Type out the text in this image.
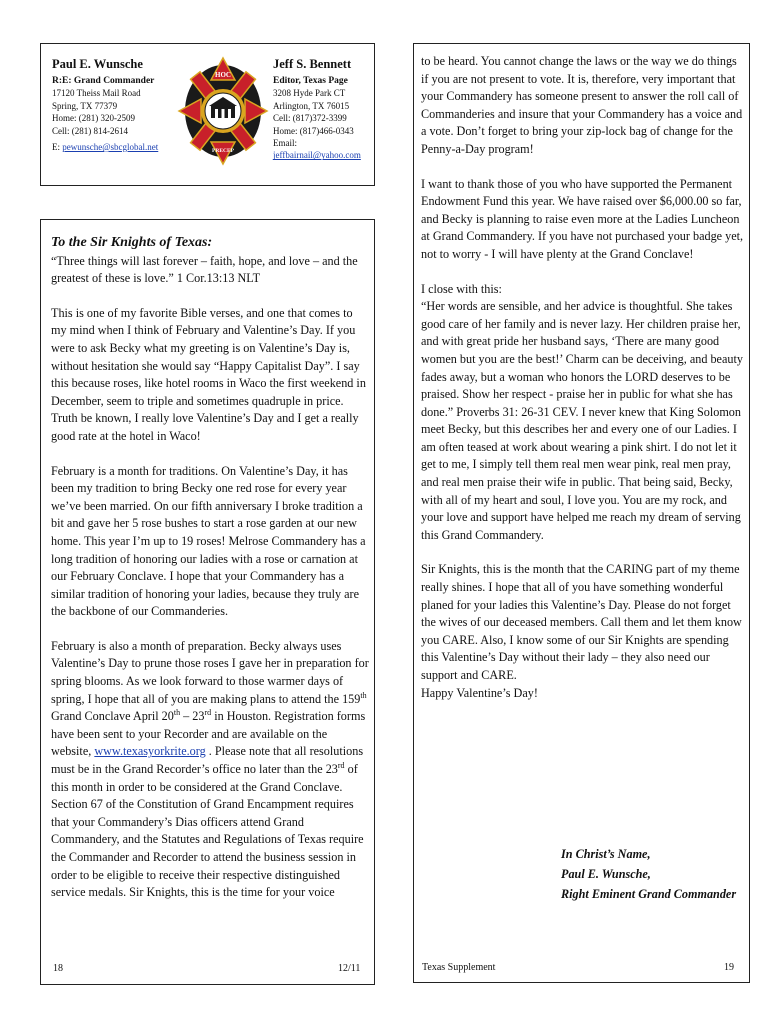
Paul E. Wunsche
R:E: Grand Commander
17120 Theiss Mail Road
Spring, TX 77379
Home: (281) 320-2509
Cell: (281) 814-2614
E: pewunsche@sbcglobal.net
HOC
PRECEP
Jeff S. Bennett
Editor, Texas Page
3208 Hyde Park CT
Arlington, TX 76015
Cell: (817)372-3399
Home: (817)466-0343
Email: jeffbairnail@yahoo.com

To the Sir Knights of Texas:
“Three things will last forever – faith, hope, and love – and the greatest of these is love.” 1 Cor.13:13 NLT

This is one of my favorite Bible verses, and one that comes to my mind when I think of February and Valentine’s Day. If you were to ask Becky what my greeting is on Valentine’s Day is, without hesitation she would say “Happy Capitalist Day”. I say this because roses, like hotel rooms in Waco the first weekend in December, seem to triple and sometimes quadruple in price. Truth be known, I really love Valentine’s Day and I get a really good rate at the hotel in Waco!

February is a month for traditions. On Valentine’s Day, it has been my tradition to bring Becky one red rose for every year we’ve been married. On our fifth anniversary I broke tradition a bit and gave her 5 rose bushes to start a rose garden at our new home. This year I’m up to 19 roses! Melrose Commandery has a long tradition of honoring our ladies with a rose or carnation at our February Conclave. I hope that your Commandery has a similar tradition of honoring your ladies, because they truly are the backbone of our Commanderies.

February is also a month of preparation. Becky always uses Valentine’s Day to prune those roses I gave her in preparation for spring blooms. As we look forward to those warmer days of spring, I hope that all of you are making plans to attend the 159th Grand Conclave April 20th – 23rd in Houston. Registration forms have been sent to your Recorder and are available on the website, www.texasyorkrite.org . Please note that all resolutions must be in the Grand Recorder’s office no later than the 23rd of this month in order to be considered at the Grand Conclave. Section 67 of the Constitution of Grand Encampment requires that your Commandery’s Dias officers attend Grand Commandery, and the Statutes and Regulations of Texas require the Commander and Recorder to attend the business session in order to be eligible to receive their respective distinguished service medals. Sir Knights, this is the time for your voice

18	12/11

to be heard. You cannot change the laws or the way we do things if you are not present to vote. It is, therefore, very important that your Commandery has someone present to answer the roll call of Commanderies and insure that your Commandery has a voice and a vote. Don’t forget to bring your zip-lock bag of change for the Penny-a-Day program!

I want to thank those of you who have supported the Permanent Endowment Fund this year. We have raised over $6,000.00 so far, and Becky is planning to raise even more at the Ladies Luncheon at Grand Commandery. If you have not purchased your badge yet, not to worry - I will have plenty at the Grand Conclave!

I close with this:
“Her words are sensible, and her advice is thoughtful. She takes good care of her family and is never lazy. Her children praise her, and with great pride her husband says, ‘There are many good women but you are the best!’ Charm can be deceiving, and beauty fades away, but a woman who honors the LORD deserves to be praised. Show her respect - praise her in public for what she has done.” Proverbs 31: 26-31 CEV. I never knew that King Solomon meet Becky, but this describes her and every one of our Ladies. I am often teased at work about wearing a pink shirt. I do not let it get to me, I simply tell them real men wear pink, real men pray, and real men praise their wife in public. That being said, Becky, with all of my heart and soul, I love you. You are my rock, and your love and support have helped me reach my dream of serving this Grand Commandery.

Sir Knights, this is the month that the CARING part of my theme really shines. I hope that all of you have something wonderful planed for your ladies this Valentine’s Day. Please do not forget the wives of our deceased members. Call them and let them know you CARE. Also, I know some of our Sir Knights are spending this Valentine’s Day without their lady – they also need our support and CARE.
Happy Valentine’s Day!

In Christ’s Name,
Paul E. Wunsche,
Right Eminent Grand Commander
Texas Supplement	19
